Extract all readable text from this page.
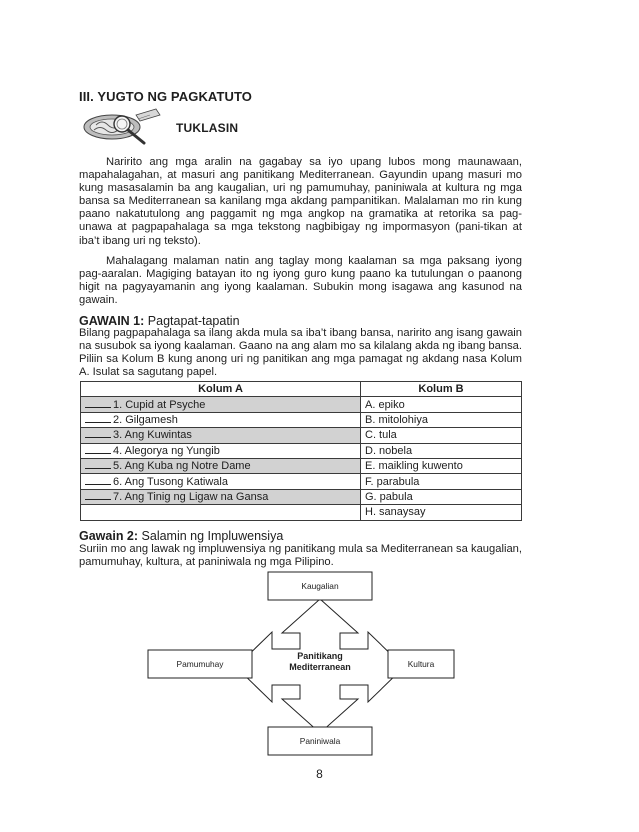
III. YUGTO NG PAGKATUTO
TUKLASIN

Naririto ang mga aralin na gagabay sa iyo upang lubos mong maunawaan, mapahalagahan, at masuri ang panitikang Mediterranean. Gayundin upang masuri mo kung masasalamin ba ang kaugalian, uri ng pamumuhay, paniniwala at kultura ng mga bansa sa Mediterranean sa kanilang mga akdang pampanitikan. Malalaman mo rin kung paano nakatutulong ang paggamit ng mga angkop na gramatika at retorika sa pag-unawa at pagpapahalaga sa mga tekstong nagbibigay ng impormasyon (pani-tikan at iba’t ibang uri ng teksto).

Mahalagang malaman natin ang taglay mong kaalaman sa mga paksang iyong pag-aaralan. Magiging batayan ito ng iyong guro kung paano ka tutulungan o paanong higit na pagyayamanin ang iyong kaalaman. Subukin mong isagawa ang kasunod na gawain.

GAWAIN 1: Pagtapat-tapatin

Bilang pagpapahalaga sa ilang akda mula sa iba’t ibang bansa, naririto ang isang gawain na susubok sa iyong kaalaman. Gaano na ang alam mo sa kilalang akda ng ibang bansa. Piliin sa Kolum B kung anong uri ng panitikan ang mga pamagat ng akdang nasa Kolum A. Isulat sa sagutang papel.

Kolum A	Kolum B
1. Cupid at Psyche	A. epiko
2. Gilgamesh	B. mitolohiya
3. Ang Kuwintas	C. tula
4. Alegorya ng Yungib	D. nobela
5. Ang Kuba ng Notre Dame	E. maikling kuwento
6. Ang Tusong Katiwala	F. parabula
7. Ang Tinig ng Ligaw na Gansa	G. pabula
	H. sanaysay
Gawain 2: Salamin ng Impluwensiya

Suriin mo ang lawak ng impluwensiya ng panitikang mula sa Mediterranean sa kaugalian, pamumuhay, kultura, at paniniwala ng mga Pilipino.

Panitikang
Mediterranean
Kaugalian
Pamumuhay	Kultura
Paniniwala
8
